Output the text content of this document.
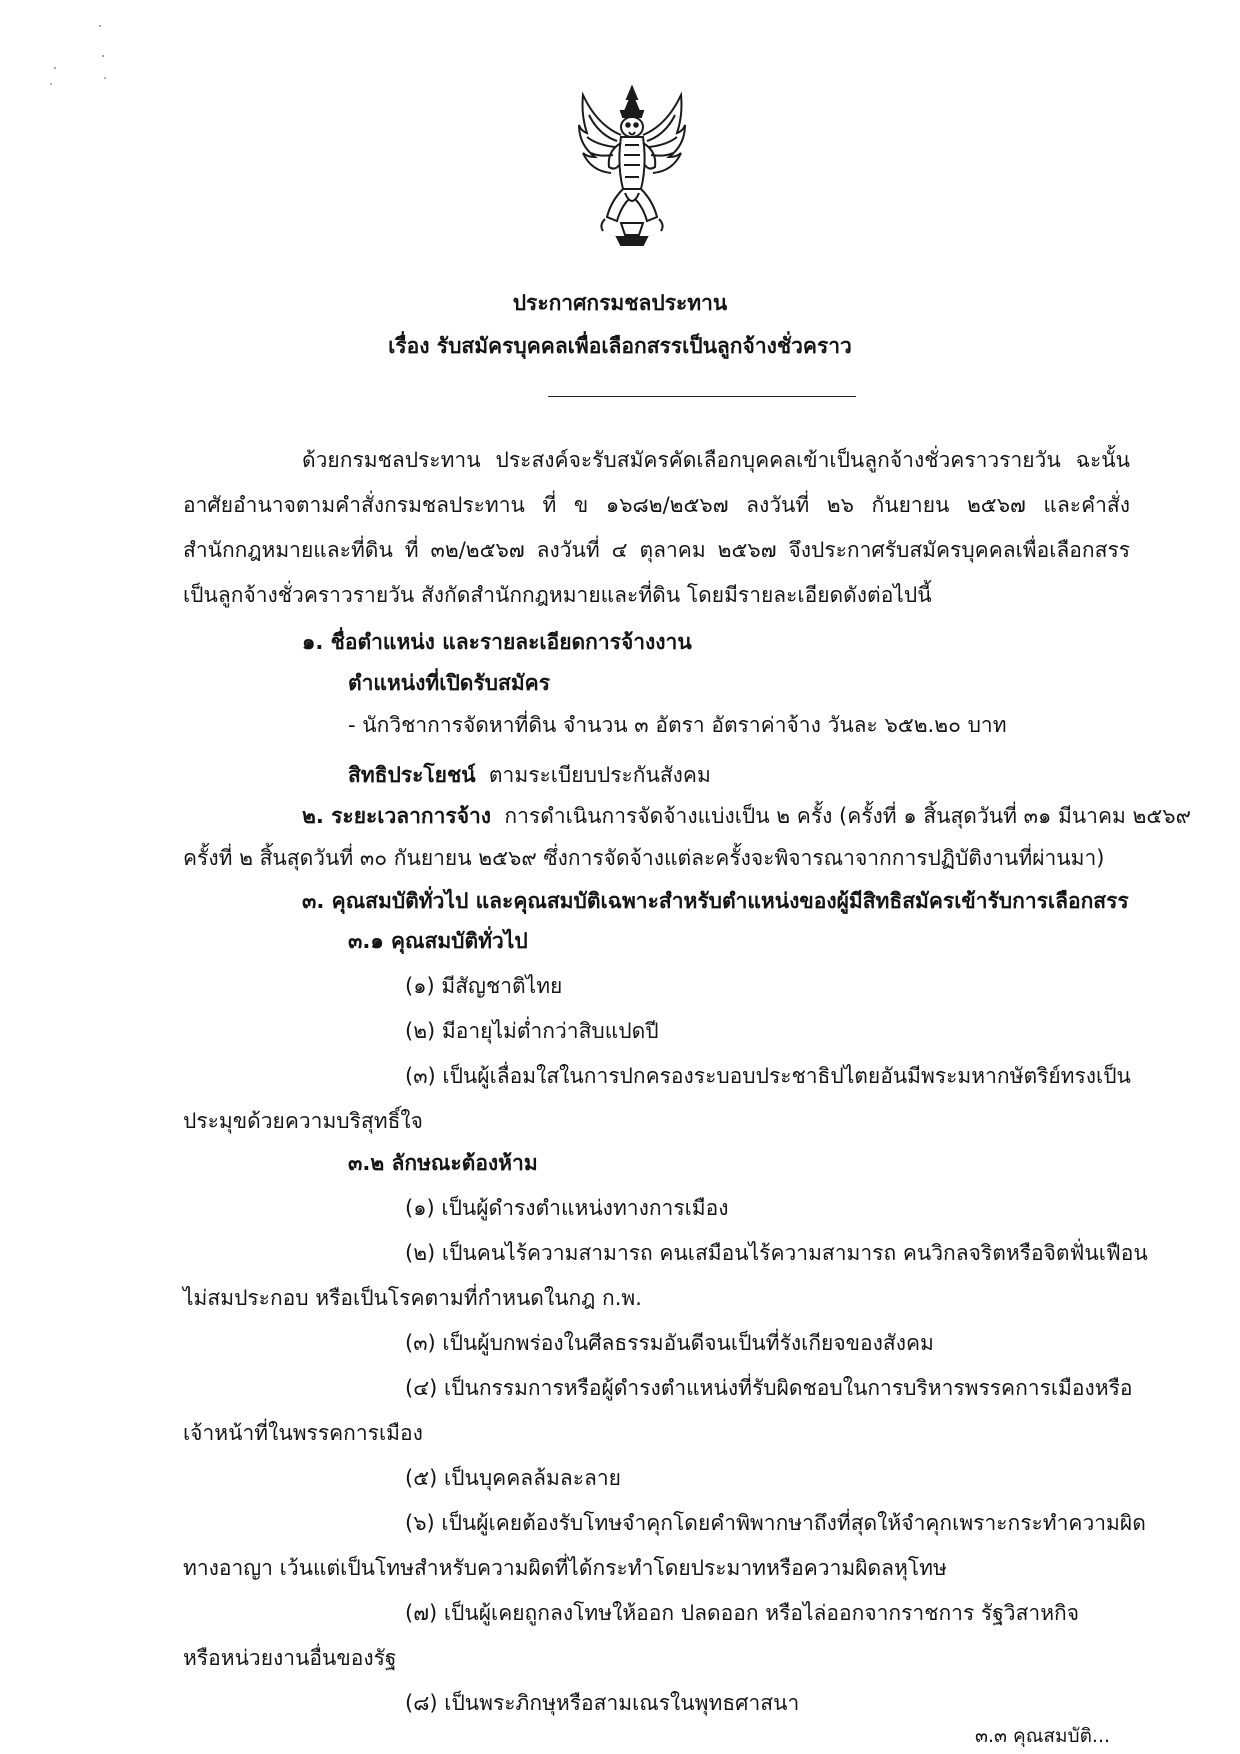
ประกาศกรมชลประทาน
เรื่อง รับสมัครบุคคลเพื่อเลือกสรรเป็นลูกจ้างชั่วคราว
ด้วยกรมชลประทาน ประสงค์จะรับสมัครคัดเลือกบุคคลเข้าเป็นลูกจ้างชั่วคราวรายวัน ฉะนั้น
อาศัยอำนาจตามคำสั่งกรมชลประทาน ที่ ข ๑๖๘๒/๒๕๖๗ ลงวันที่ ๒๖ กันยายน ๒๕๖๗ และคำสั่ง
สำนักกฎหมายและที่ดิน ที่ ๓๒/๒๕๖๗ ลงวันที่ ๔ ตุลาคม ๒๕๖๗ จึงประกาศรับสมัครบุคคลเพื่อเลือกสรร
เป็นลูกจ้างชั่วคราวรายวัน สังกัดสำนักกฎหมายและที่ดิน โดยมีรายละเอียดดังต่อไปนี้
๑. ชื่อตำแหน่ง และรายละเอียดการจ้างงาน
ตำแหน่งที่เปิดรับสมัคร
- นักวิชาการจัดหาที่ดิน จำนวน ๓ อัตรา อัตราค่าจ้าง วันละ ๖๕๒.๒๐ บาท
สิทธิประโยชน์ ตามระเบียบประกันสังคม
๒. ระยะเวลาการจ้าง การดำเนินการจัดจ้างแบ่งเป็น ๒ ครั้ง (ครั้งที่ ๑ สิ้นสุดวันที่ ๓๑ มีนาคม ๒๕๖๙
ครั้งที่ ๒ สิ้นสุดวันที่ ๓๐ กันยายน ๒๕๖๙ ซึ่งการจัดจ้างแต่ละครั้งจะพิจารณาจากการปฏิบัติงานที่ผ่านมา)
๓. คุณสมบัติทั่วไป และคุณสมบัติเฉพาะสำหรับตำแหน่งของผู้มีสิทธิสมัครเข้ารับการเลือกสรร
๓.๑ คุณสมบัติทั่วไป
(๑) มีสัญชาติไทย
(๒) มีอายุไม่ต่ำกว่าสิบแปดปี
(๓) เป็นผู้เลื่อมใสในการปกครองระบอบประชาธิปไตยอันมีพระมหากษัตริย์ทรงเป็น
ประมุขด้วยความบริสุทธิ์ใจ
๓.๒ ลักษณะต้องห้าม
(๑) เป็นผู้ดำรงตำแหน่งทางการเมือง
(๒) เป็นคนไร้ความสามารถ คนเสมือนไร้ความสามารถ คนวิกลจริตหรือจิตฟั่นเฟือน
ไม่สมประกอบ หรือเป็นโรคตามที่กำหนดในกฎ ก.พ.
(๓) เป็นผู้บกพร่องในศีลธรรมอันดีจนเป็นที่รังเกียจของสังคม
(๔) เป็นกรรมการหรือผู้ดำรงตำแหน่งที่รับผิดชอบในการบริหารพรรคการเมืองหรือ
เจ้าหน้าที่ในพรรคการเมือง
(๕) เป็นบุคคลล้มละลาย
(๖) เป็นผู้เคยต้องรับโทษจำคุกโดยคำพิพากษาถึงที่สุดให้จำคุกเพราะกระทำความผิด
ทางอาญา เว้นแต่เป็นโทษสำหรับความผิดที่ได้กระทำโดยประมาทหรือความผิดลหุโทษ
(๗) เป็นผู้เคยถูกลงโทษให้ออก ปลดออก หรือไล่ออกจากราชการ รัฐวิสาหกิจ
หรือหน่วยงานอื่นของรัฐ
(๘) เป็นพระภิกษุหรือสามเณรในพุทธศาสนา
๓.๓ คุณสมบัติ...
